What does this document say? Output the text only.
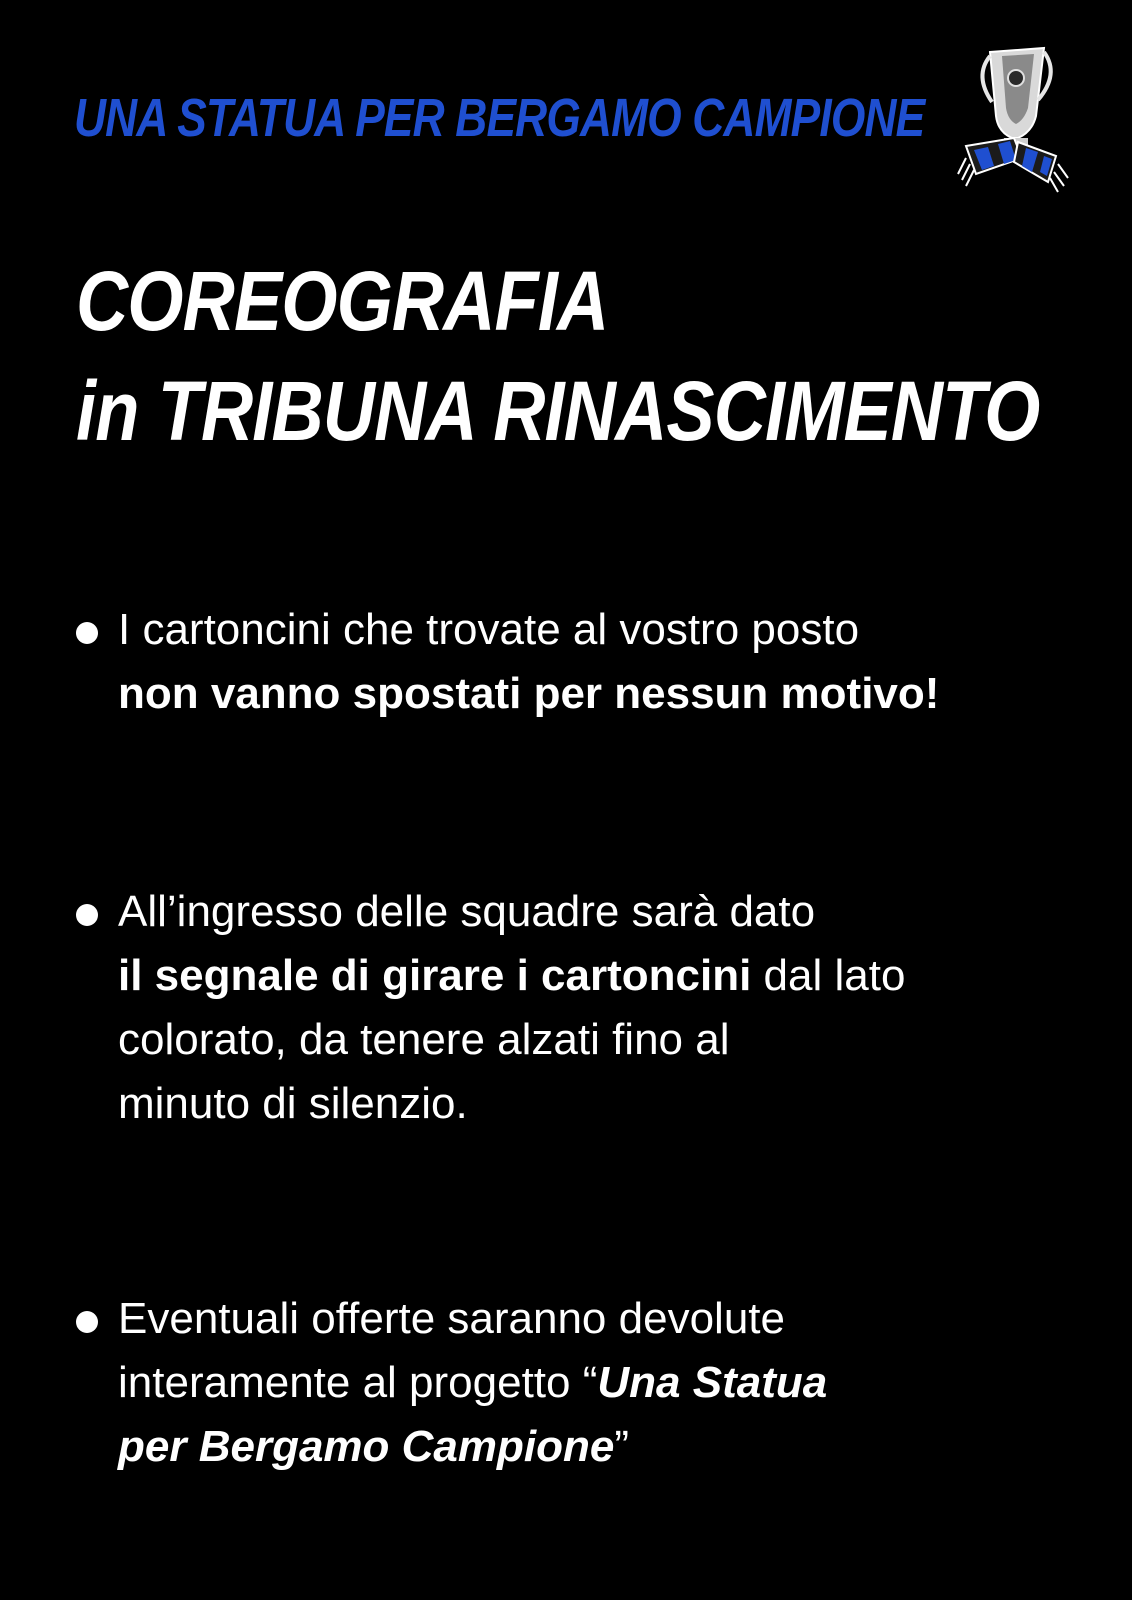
UNA STATUA PER BERGAMO CAMPIONE
COREOGRAFIA
in TRIBUNA RINASCIMENTO
I cartoncini che trovate al vostro posto
non vanno spostati per nessun motivo!
All’ingresso delle squadre sarà dato
il segnale di girare i cartoncini dal lato
colorato, da tenere alzati fino al
minuto di silenzio.
Eventuali offerte saranno devolute
interamente al progetto “Una Statua
per Bergamo Campione”
